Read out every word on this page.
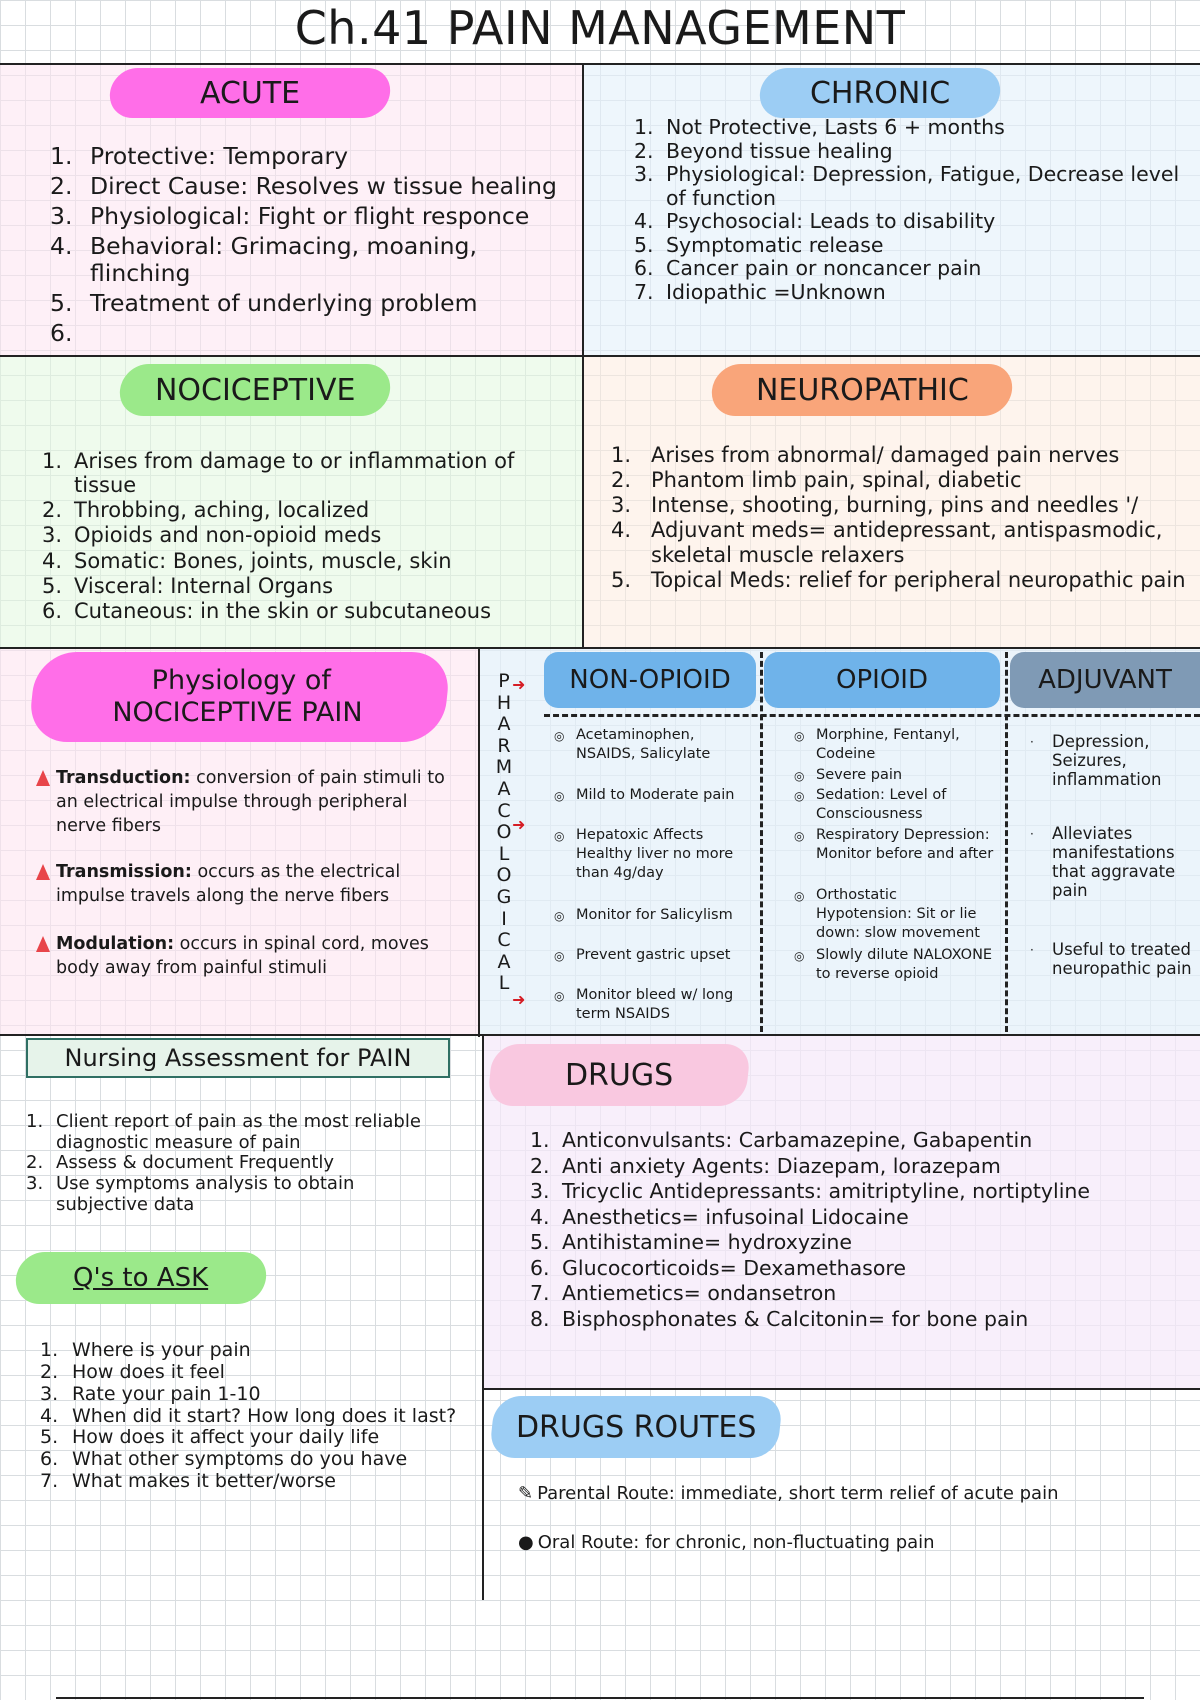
Ch.41 PAIN MANAGEMENT
ACUTE
1. Protective: Temporary
2. Direct Cause: Resolves w tissue healing
3. Physiological: Fight or flight responce
4. Behavioral: Grimacing, moaning, flinching
5. Treatment of underlying problem
6.
CHRONIC
1. Not Protective, Lasts 6 + months
2. Beyond tissue healing
3. Physiological: Depression, Fatigue, Decrease level of function
4. Psychosocial: Leads to disability
5. Symptomatic release
6. Cancer pain or noncancer pain
7. Idiopathic =Unknown
NOCICEPTIVE
1. Arises from damage to or inflammation of tissue
2. Throbbing, aching, localized
3. Opioids and non-opioid meds
4. Somatic: Bones, joints, muscle, skin
5. Visceral: Internal Organs
6. Cutaneous: in the skin or subcutaneous
NEUROPATHIC
1. Arises from abnormal/ damaged pain nerves
2. Phantom limb pain, spinal, diabetic
3. Intense, shooting, burning, pins and needles '/
4. Adjuvant meds= antidepressant, antispasmodic, skeletal muscle relaxers
5. Topical Meds: relief for peripheral neuropathic pain
Physiology of
NOCICEPTIVE PAIN
Transduction: conversion of pain stimuli to an electrical impulse through peripheral nerve fibers
Transmission: occurs as the electrical impulse travels along the nerve fibers
Modulation: occurs in spinal cord, moves body away from painful stimuli
P
H
A
R
M
A
C
O
L
O
G
I
C
A
L
➜
➜
➜
NON-OPIOID	OPIOID	ADJUVANT
◎ Acetaminophen, NSAIDS, Salicylate
◎ Mild to Moderate pain
◎ Hepatoxic Affects Healthy liver no more than 4g/day
◎ Monitor for Salicylism
◎ Prevent gastric upset
◎ Monitor bleed w/ long term NSAIDS
◎ Morphine, Fentanyl, Codeine
◎ Severe pain
◎ Sedation: Level of Consciousness
◎ Respiratory Depression: Monitor before and after
◎ Orthostatic Hypotension: Sit or lie down: slow movement
◎ Slowly dilute NALOXONE to reverse opioid
· Depression, Seizures, inflammation
· Alleviates manifestations that aggravate pain
· Useful to treated neuropathic pain
Nursing Assessment for PAIN
1. Client report of pain as the most reliable diagnostic measure of pain
2. Assess & document Frequently
3. Use symptoms analysis to obtain subjective data
Q's to ASK
1. Where is your pain
2. How does it feel
3. Rate your pain 1-10
4. When did it start? How long does it last?
5. How does it affect your daily life
6. What other symptoms do you have
7. What makes it better/worse
DRUGS
1. Anticonvulsants: Carbamazepine, Gabapentin
2. Anti anxiety Agents: Diazepam, lorazepam
3. Tricyclic Antidepressants: amitriptyline, nortiptyline
4. Anesthetics= infusoinal Lidocaine
5. Antihistamine= hydroxyzine
6. Glucocorticoids= Dexamethasore
7. Antiemetics= ondansetron
8. Bisphosphonates & Calcitonin= for bone pain
DRUGS ROUTES
✎ Parental Route: immediate, short term relief of acute pain
● Oral Route: for chronic, non-fluctuating pain
